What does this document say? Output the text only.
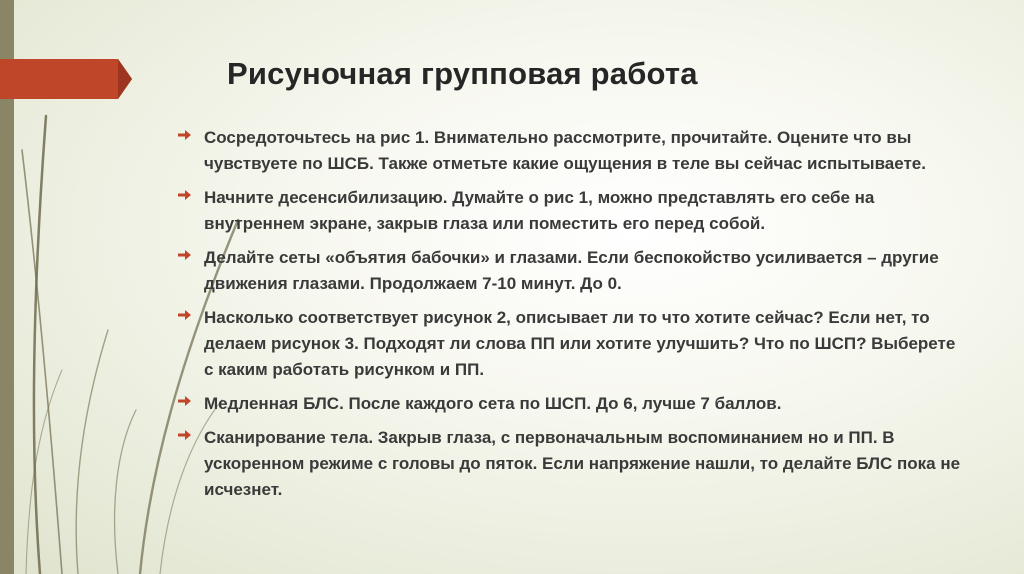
Рисуночная групповая работа
Сосредоточьтесь на рис 1. Внимательно рассмотрите, прочитайте. Оцените что вы чувствуете по ШСБ. Также отметьте какие ощущения в теле вы сейчас испытываете.
Начните десенсибилизацию. Думайте о рис 1, можно представлять его себе на внутреннем экране, закрыв глаза или поместить его перед собой.
Делайте сеты «объятия бабочки» и глазами. Если беспокойство усиливается – другие движения глазами. Продолжаем 7-10 минут. До 0.
Насколько соответствует рисунок 2, описывает ли то что хотите сейчас? Если нет, то делаем рисунок 3. Подходят ли слова ПП или хотите улучшить? Что по ШСП? Выберете с каким работать рисунком и ПП.
Медленная БЛС. После каждого сета по ШСП. До 6, лучше 7 баллов.
Сканирование тела. Закрыв глаза, с первоначальным воспоминанием но и ПП. В ускоренном режиме с головы до пяток. Если напряжение нашли, то делайте БЛС пока не исчезнет.
